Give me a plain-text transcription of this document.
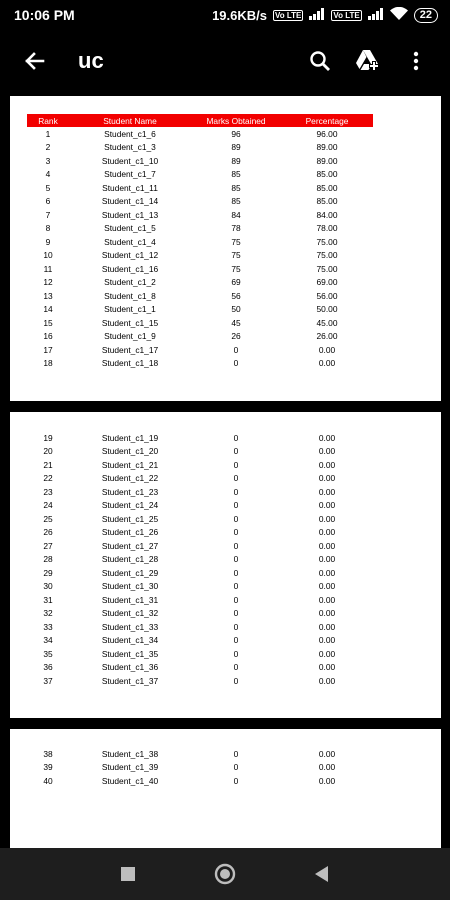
10:06 PM	19.6KB/s Vo LTE	Vo LTE	22
uc
Rank	Student Name	Marks Obtained	Percentage
1	Student_c1_6	96	96.00
2	Student_c1_3	89	89.00
3	Student_c1_10	89	89.00
4	Student_c1_7	85	85.00
5	Student_c1_11	85	85.00
6	Student_c1_14	85	85.00
7	Student_c1_13	84	84.00
8	Student_c1_5	78	78.00
9	Student_c1_4	75	75.00
10	Student_c1_12	75	75.00
11	Student_c1_16	75	75.00
12	Student_c1_2	69	69.00
13	Student_c1_8	56	56.00
14	Student_c1_1	50	50.00
15	Student_c1_15	45	45.00
16	Student_c1_9	26	26.00
17	Student_c1_17	0	0.00
18	Student_c1_18	0	0.00
19	Student_c1_19	0	0.00
20	Student_c1_20	0	0.00
21	Student_c1_21	0	0.00
22	Student_c1_22	0	0.00
23	Student_c1_23	0	0.00
24	Student_c1_24	0	0.00
25	Student_c1_25	0	0.00
26	Student_c1_26	0	0.00
27	Student_c1_27	0	0.00
28	Student_c1_28	0	0.00
29	Student_c1_29	0	0.00
30	Student_c1_30	0	0.00
31	Student_c1_31	0	0.00
32	Student_c1_32	0	0.00
33	Student_c1_33	0	0.00
34	Student_c1_34	0	0.00
35	Student_c1_35	0	0.00
36	Student_c1_36	0	0.00
37	Student_c1_37	0	0.00
38	Student_c1_38	0	0.00
39	Student_c1_39	0	0.00
40	Student_c1_40	0	0.00
